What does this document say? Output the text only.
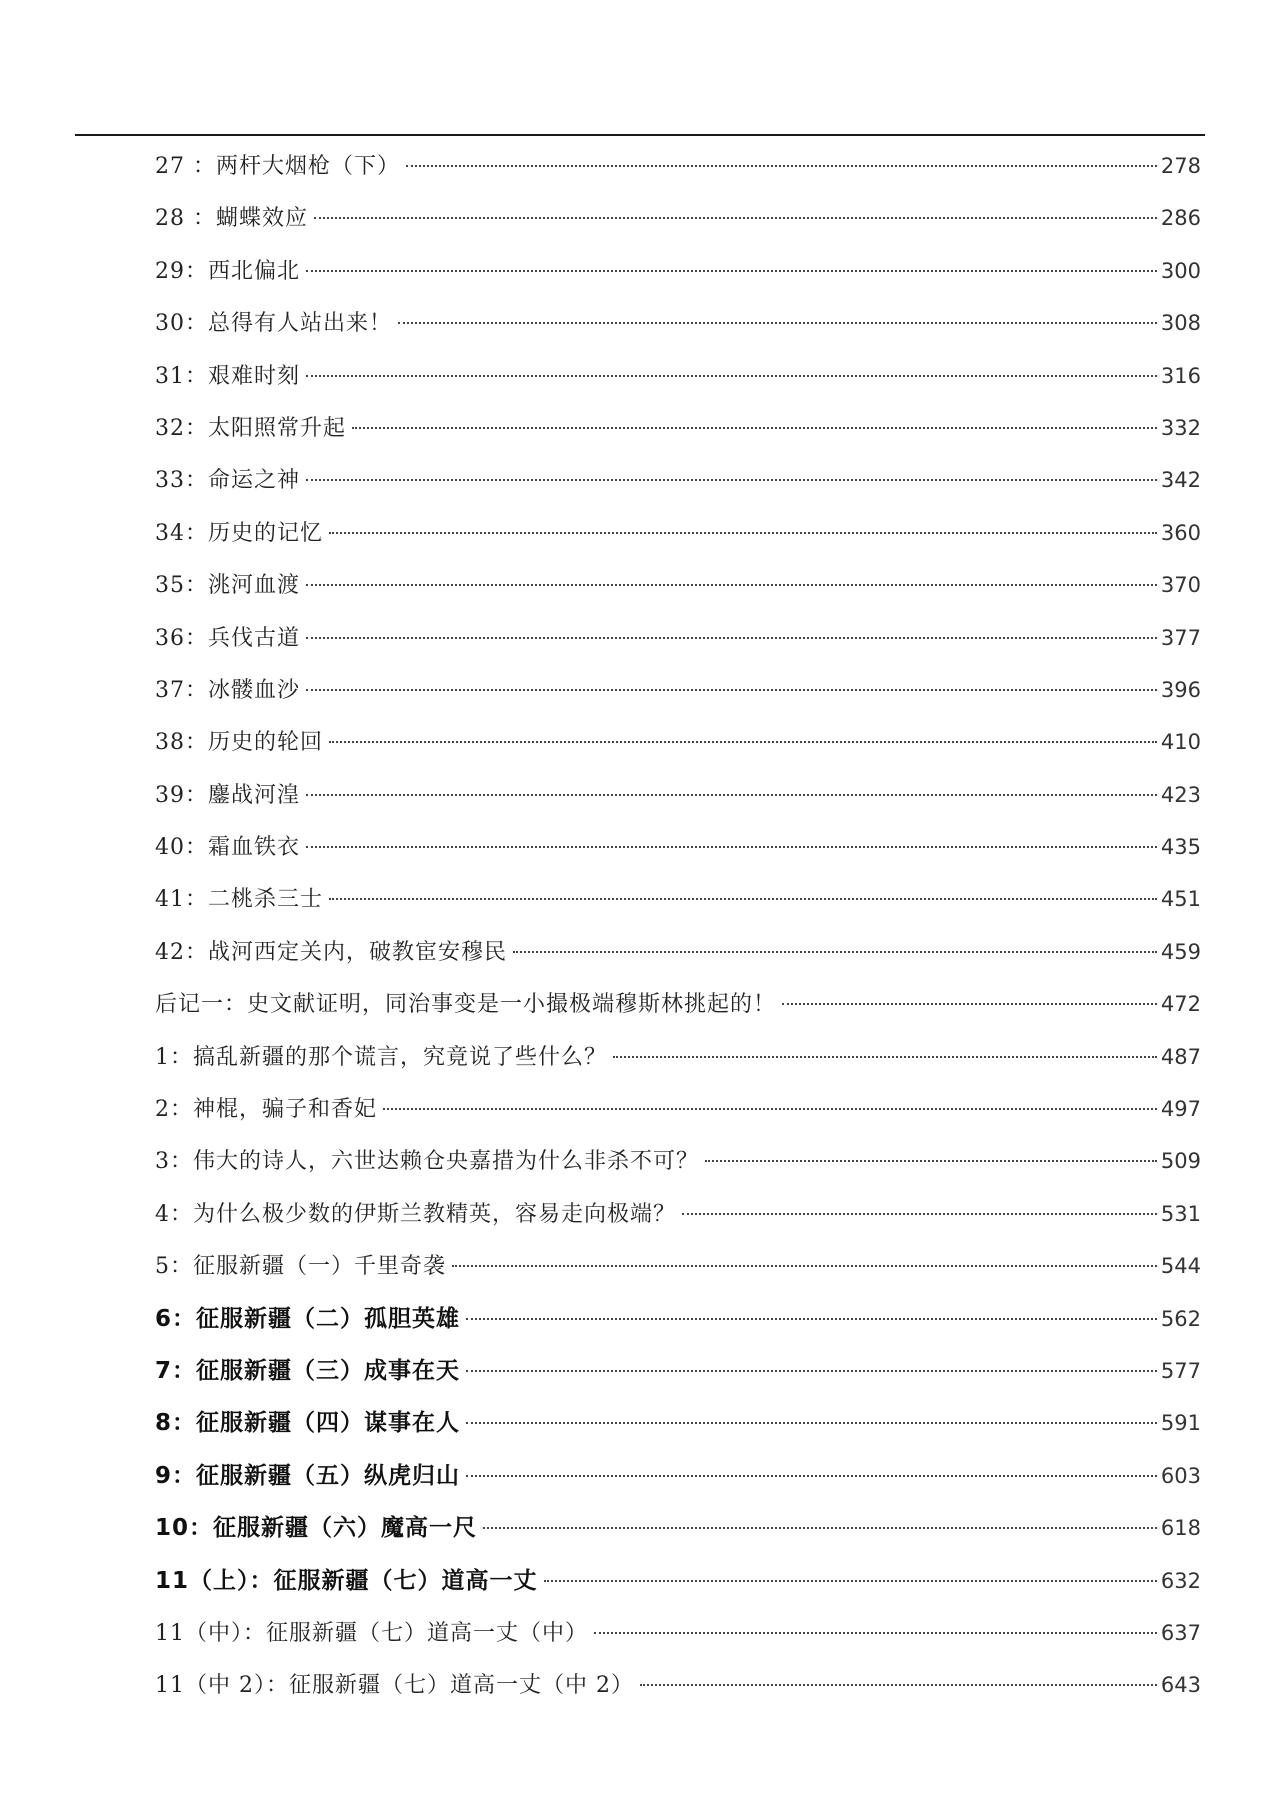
27 ：两杆大烟枪（下）	278
28 ：蝴蝶效应	286
29：西北偏北	300
30：总得有人站出来！	308
31：艰难时刻	316
32：太阳照常升起	332
33：命运之神	342
34：历史的记忆	360
35：洮河血渡	370
36：兵伐古道	377
37：冰髅血沙	396
38：历史的轮回	410
39：鏖战河湟	423
40：霜血铁衣	435
41：二桃杀三士	451
42：战河西定关内，破教宦安穆民	459
后记一：史文献证明，同治事变是一小撮极端穆斯林挑起的！	472
1：搞乱新疆的那个谎言，究竟说了些什么？	487
2：神棍，骗子和香妃	497
3：伟大的诗人，六世达赖仓央嘉措为什么非杀不可？	509
4：为什么极少数的伊斯兰教精英，容易走向极端？	531
5：征服新疆（一）千里奇袭	544
6：征服新疆（二）孤胆英雄	562
7：征服新疆（三）成事在天	577
8：征服新疆（四）谋事在人	591
9：征服新疆（五）纵虎归山	603
10：征服新疆（六）魔高一尺	618
11（上）：征服新疆（七）道高一丈	632
11（中）：征服新疆（七）道高一丈（中）	637
11（中 2）：征服新疆（七）道高一丈（中 2）	643
